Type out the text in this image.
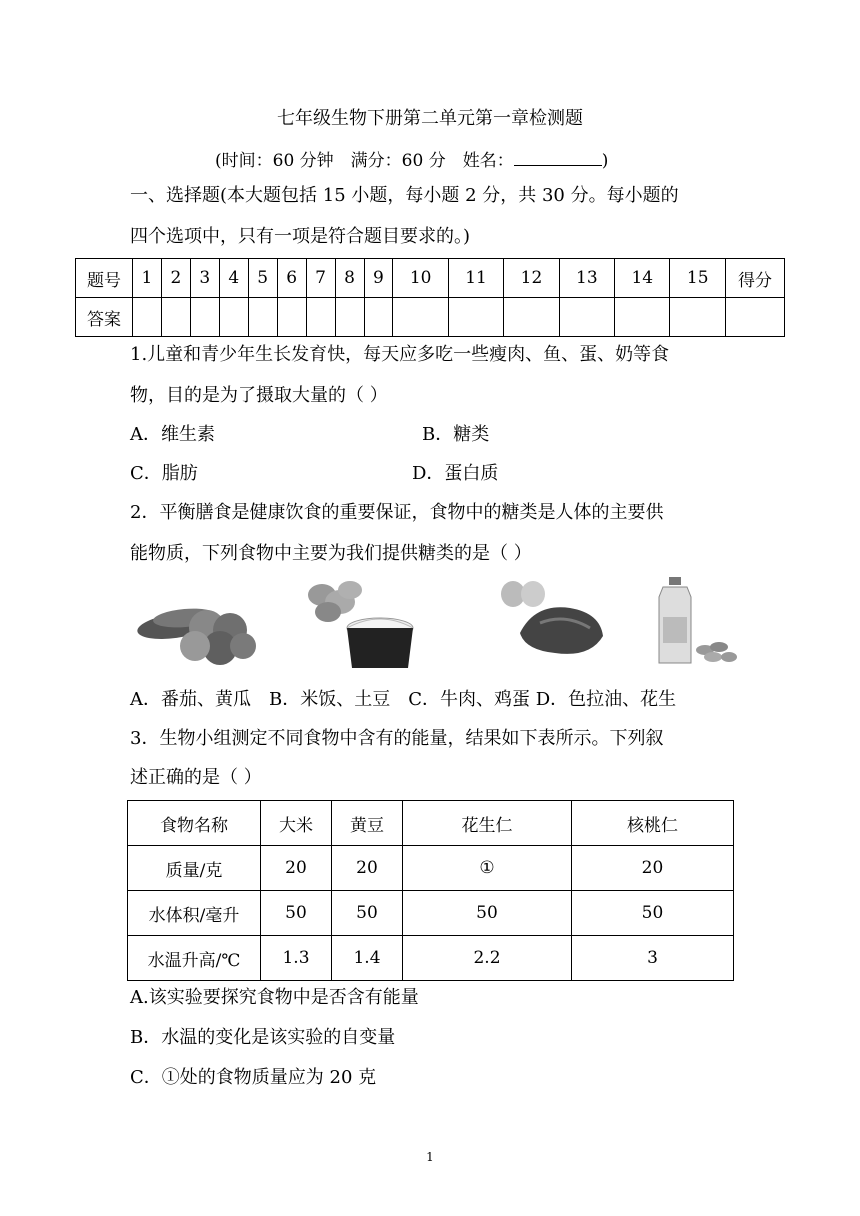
七年级生物下册第二单元第一章检测题
(时间：60 分钟　满分：60 分　姓名：	)
一、选择题(本大题包括 15 小题，每小题 2 分，共 30 分。每小题的
四个选项中，只有一项是符合题目要求的。)
题号	1	2	3	4	5	6	7	8	9	10	11	12	13	14	15	得分
答案																
1.儿童和青少年生长发育快，每天应多吃一些瘦肉、鱼、蛋、奶等食
物，目的是为了摄取大量的（ ）
A．维生素	B．糖类
C．脂肪	D．蛋白质
2．平衡膳食是健康饮食的重要保证，食物中的糖类是人体的主要供
能物质，下列食物中主要为我们提供糖类的是（ ）
A．番茄、黄瓜　B．米饭、土豆　C．牛肉、鸡蛋 D．色拉油、花生
3．生物小组测定不同食物中含有的能量，结果如下表所示。下列叙
述正确的是（ ）
食物名称	大米	黄豆	花生仁	核桃仁
质量/克	20	20	①	20
水体积/毫升	50	50	50	50
水温升高/℃	1.3	1.4	2.2	3
A.该实验要探究食物中是否含有能量
B．水温的变化是该实验的自变量
C．①处的食物质量应为 20 克
1
